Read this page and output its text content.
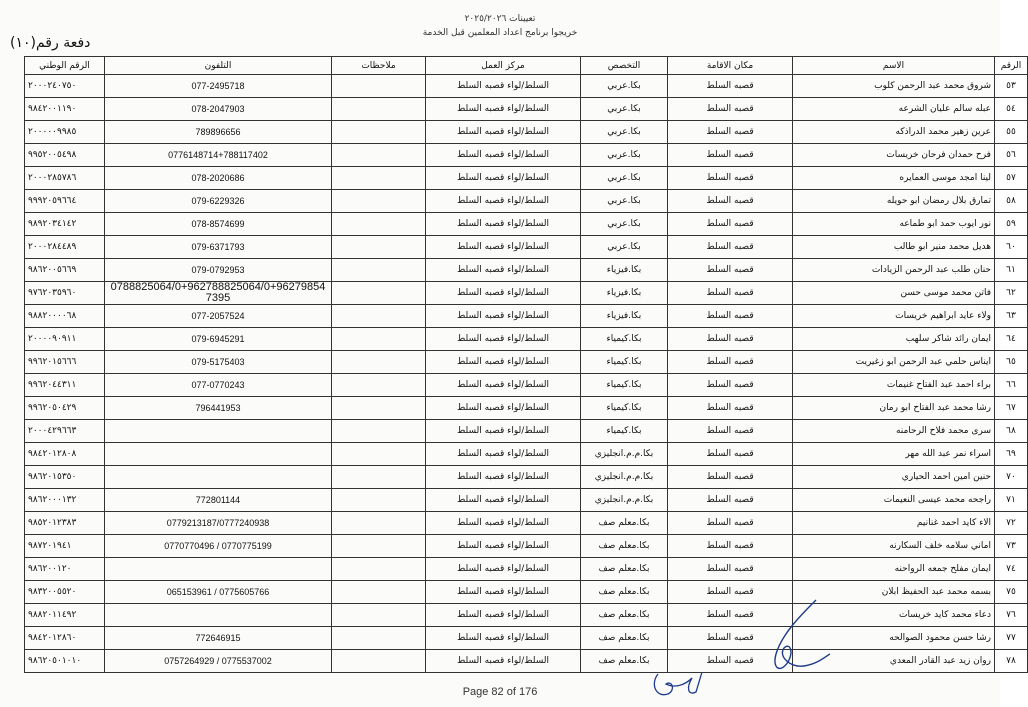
تعيينات ٢٠٢٥/٢٠٢٦
خريجوا برنامج اعداد المعلمين قبل الخدمة
دفعة رقم(١٠)
الرقم	الاسم	مكان الاقامة	التخصص	مركز العمل	ملاحظات	التلفون	الرقم الوطني
٥٣	شروق محمد عبد الرحمن كلوب	قصبه السلط	بكا.عربي	السلط/لواء قصبه السلط		077-2495718	٢٠٠٠٢٤٠٧٥٠
٥٤	عبله سالم عليان الشرعه	قصبه السلط	بكا.عربي	السلط/لواء قصبه السلط		078-2047903	٩٨٤٢٠٠١١٩٠
٥٥	عرين زهير محمد الدراذكه	قصبه السلط	بكا.عربي	السلط/لواء قصبه السلط		789896656	٢٠٠٠٠٠٩٩٨٥
٥٦	فرح حمدان فرحان خريسات	قصبه السلط	بكا.عربي	السلط/لواء قصبه السلط		0776148714+788117402	٩٩٥٢٠٠٥٤٩٨
٥٧	لينا امجد موسى العمايره	قصبه السلط	بكا.عربي	السلط/لواء قصبه السلط		078-2020686	٢٠٠٠٢٨٥٧٨٦
٥٨	تمارق بلال رمضان ابو حويله	قصبه السلط	بكا.عربي	السلط/لواء قصبه السلط		079-6229326	٩٩٩٢٠٥٩٦٦٤
٥٩	نور ايوب حمد ابو طماعه	قصبه السلط	بكا.عربي	السلط/لواء قصبه السلط		078-8574699	٩٨٩٢٠٣٤١٤٢
٦٠	هديل محمد منير ابو طالب	قصبه السلط	بكا.عربي	السلط/لواء قصبه السلط		079-6371793	٢٠٠٠٢٨٤٤٨٩
٦١	حنان طلب عبد الرحمن الزيادات	قصبه السلط	بكا.فيزياء	السلط/لواء قصبه السلط		079-0792953	٩٨٦٢٠٠٥٦٦٩
٦٢	فاتن محمد موسى حسن	قصبه السلط	بكا.فيزياء	السلط/لواء قصبه السلط		0788825064/0+962788825064/0+96279854 7395	٩٧٦٢٠٣٥٩٦٠
٦٣	ولاء عايد ابراهيم خريسات	قصبه السلط	بكا.فيزياء	السلط/لواء قصبه السلط		077-2057524	٩٨٨٢٠٠٠٠٦٨
٦٤	ايمان رائد شاكر سلهب	قصبه السلط	بكا.كيمياء	السلط/لواء قصبه السلط		079-6945291	٢٠٠٠٠٩٠٩١١
٦٥	ايناس حلمي عبد الرحمن ابو زغيريت	قصبه السلط	بكا.كيمياء	السلط/لواء قصبه السلط		079-5175403	٩٩٦٢٠١٥٦٦٦
٦٦	براء احمد عبد الفتاح غنيمات	قصبه السلط	بكا.كيمياء	السلط/لواء قصبه السلط		077-0770243	٩٩٦٢٠٤٤٣١١
٦٧	رشا محمد عبد الفتاح ابو رمان	قصبه السلط	بكا.كيمياء	السلط/لواء قصبه السلط		796441953	٩٩٦٢٠٥٠٤٢٩
٦٨	سرى محمد فلاح الرحامنه	قصبه السلط	بكا.كيمياء	السلط/لواء قصبه السلط			٢٠٠٠٤٢٩٦٦٣
٦٩	اسراء نمر عبد الله مهر	قصبه السلط	بكا.م.م.انجليزي	السلط/لواء قصبه السلط			٩٨٤٢٠١٢٨٠٨
٧٠	حنين امين احمد الحياري	قصبه السلط	بكا.م.م.انجليزي	السلط/لواء قصبه السلط			٩٨٦٢٠١٥٣٥٠
٧١	راجحه محمد عيسى النعيمات	قصبه السلط	بكا.م.م.انجليزي	السلط/لواء قصبه السلط		772801144	٩٨٦٢٠٠٠١٣٢
٧٢	الاء كايد احمد غنانيم	قصبه السلط	بكا.معلم صف	السلط/لواء قصبه السلط		0779213187/0777240938	٩٨٥٢٠١٢٣٨٣
٧٣	اماني سلامه خلف السكارنه	قصبه السلط	بكا.معلم صف	السلط/لواء قصبه السلط		0770770496 / 0770775199	٩٨٧٢٠١٩٤١
٧٤	ايمان مفلح جمعه الرواحنه	قصبه السلط	بكا.معلم صف	السلط/لواء قصبه السلط			٩٨٦٢٠٠١٢٠
٧٥	بسمه محمد عبد الحفيظ ابلان	قصبه السلط	بكا.معلم صف	السلط/لواء قصبه السلط		065153961 / 0775605766	٩٨٣٢٠٠٥٥٢٠
٧٦	دعاء محمد كايد خريسات	قصبه السلط	بكا.معلم صف	السلط/لواء قصبه السلط			٩٨٨٢٠١١٤٩٢
٧٧	رشا حسن محمود الصوالحه	قصبه السلط	بكا.معلم صف	السلط/لواء قصبه السلط		772646915	٩٨٤٢٠١٢٨٦٠
٧٨	روان زيد عبد القادر المعدي	قصبه السلط	بكا.معلم صف	السلط/لواء قصبه السلط		0757264929 / 0775537002	٩٨٦٢٠٥٠١٠١٠
Page 82 of 176
